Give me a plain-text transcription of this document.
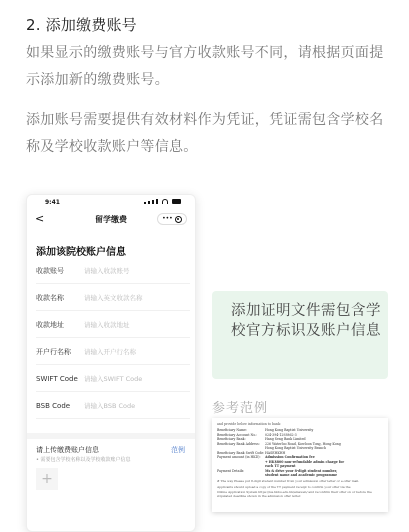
2. 添加缴费账号
如果显示的缴费账号与官方收款账号不同，请根据页面提示添加新的缴费账号。
添加账号需要提供有效材料作为凭证，凭证需包含学校名称及学校收款账户等信息。
9:41
<	留学缴费	•••
添加该院校账户信息
收款账号	请输入收款账号
收款名称	请输入英文收款名称
收款地址	请输入收款地址
开户行名称	请输入开户行名称
SWIFT Code 请输入SWIFT Code
BSB Code	请输入BSB Code
请上传缴费账户信息	范例
• 需要包含学校名称以及学校收款账户信息
+
添加证明文件需包含学校官方标识及账户信息
参考范例
and provide below information to bank:
Beneficiary Name:	Hong Kong Baptist University
Beneficiary Account No.: 024-394-1293862-3
Beneficiary Bank:	Hang Seng Bank Limited
Beneficiary Bank Address: 226 Waterloo Road, Kowloon Tong, Hong Kong
Hong Kong Baptist University Branch
Beneficiary Bank Swift Code:HASEHKHH
Payment amount (in HKD): Admission Confirmation fee
+ HK$800 non-refundable admin charge for
each TT payment
Payment Details:	Ms & drive your 8-digit student number,
student name and academic programme
# The way Please put 8-digit student number from your admission offer letter or e-offer mail.
Applicants should upload a copy of the TT payment receipt to confirm your offer via the
Online Application System https://iss.hkbu.edu.hk/amsweb/ and reconfirm their offer on or before the
stipulated deadline shown in the admission offer letter.
